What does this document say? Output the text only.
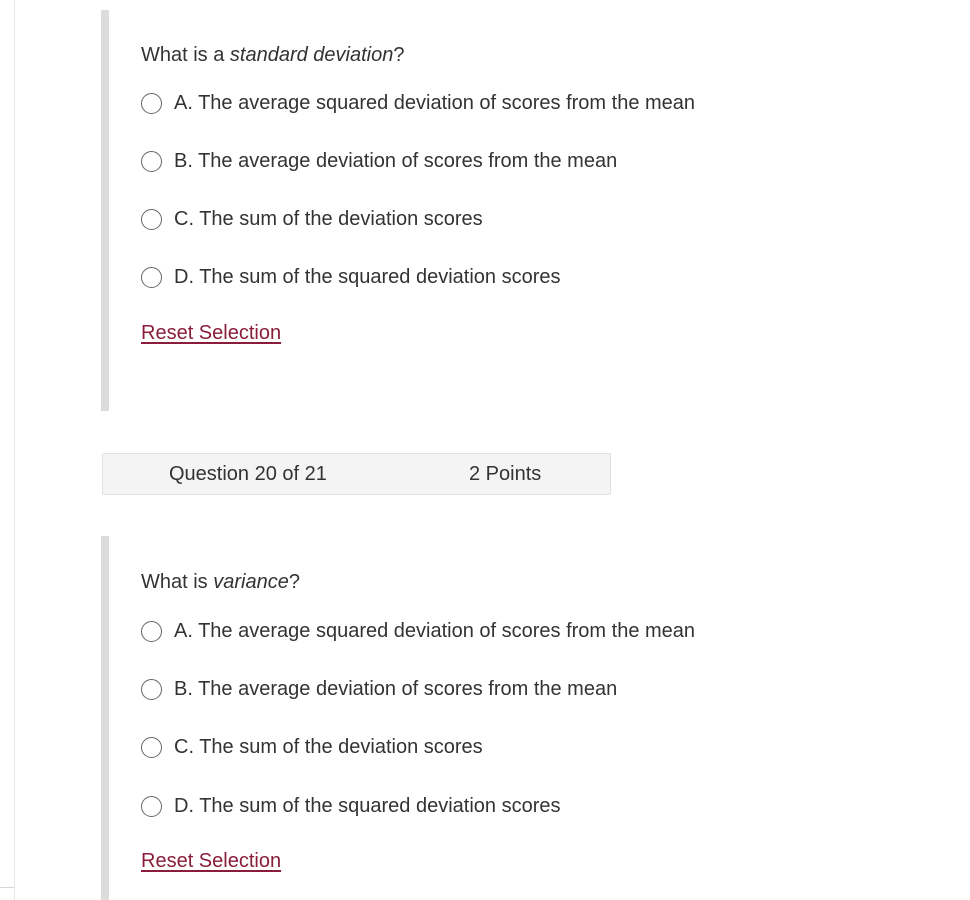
What is a standard deviation?
A. The average squared deviation of scores from the mean
B. The average deviation of scores from the mean
C. The sum of the deviation scores
D. The sum of the squared deviation scores
Reset Selection
Question 20 of 21	2 Points
What is variance?
A. The average squared deviation of scores from the mean
B. The average deviation of scores from the mean
C. The sum of the deviation scores
D. The sum of the squared deviation scores
Reset Selection
